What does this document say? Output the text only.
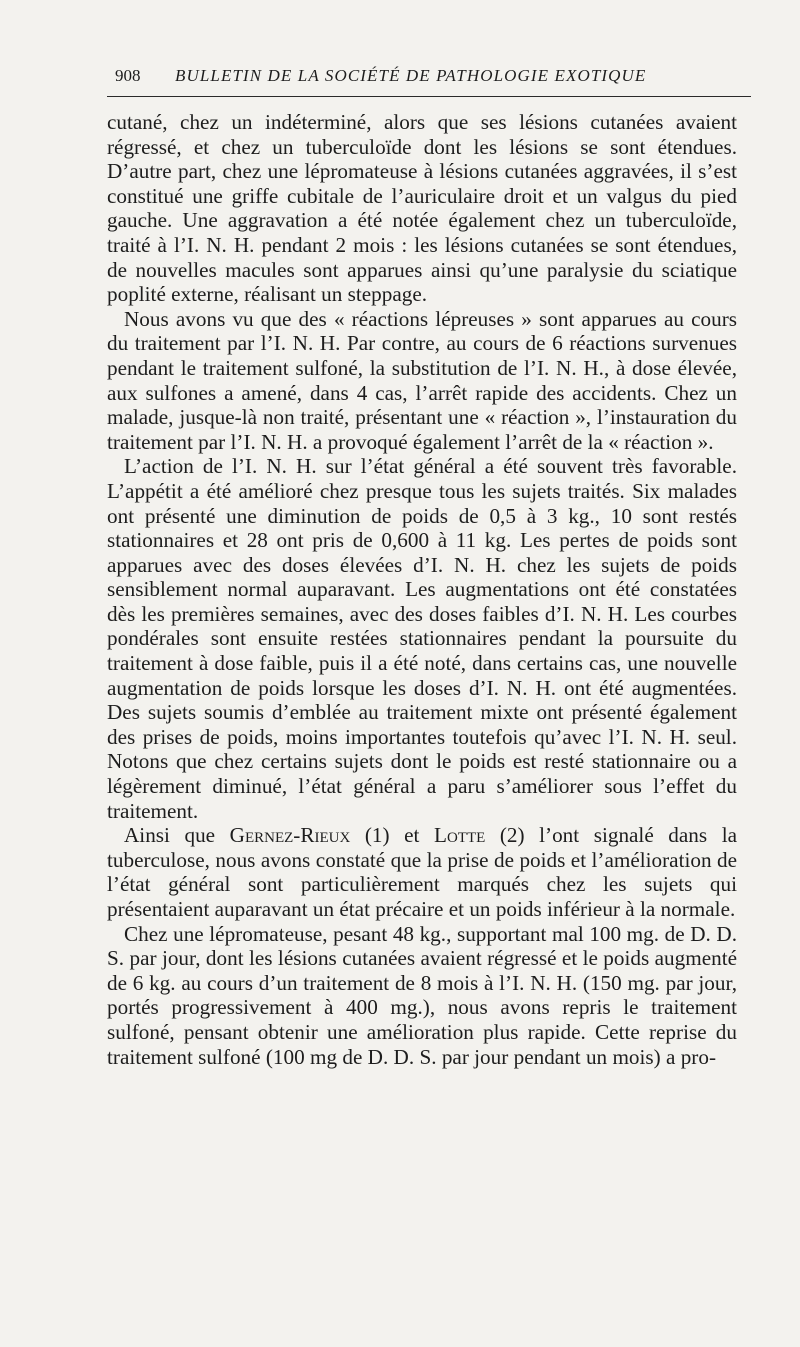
908	BULLETIN DE LA SOCIÉTÉ DE PATHOLOGIE EXOTIQUE

cutané, chez un indéterminé, alors que ses lésions cutanées avaient régressé, et chez un tuberculoïde dont les lésions se sont étendues. D’autre part, chez une lépromateuse à lésions cutanées aggravées, il s’est constitué une griffe cubitale de l’auriculaire droit et un valgus du pied gauche. Une aggravation a été notée également chez un tuberculoïde, traité à l’I. N. H. pendant 2 mois : les lésions cutanées se sont étendues, de nouvelles macules sont apparues ainsi qu’une paralysie du sciatique poplité externe, réalisant un steppage.

Nous avons vu que des « réactions lépreuses » sont apparues au cours du traitement par l’I. N. H. Par contre, au cours de 6 réactions survenues pendant le traitement sulfoné, la substitution de l’I. N. H., à dose élevée, aux sulfones a amené, dans 4 cas, l’arrêt rapide des accidents. Chez un malade, jusque-là non traité, présentant une « réaction », l’instauration du traitement par l’I. N. H. a provoqué également l’arrêt de la « réaction ».

L’action de l’I. N. H. sur l’état général a été souvent très favorable. L’appétit a été amélioré chez presque tous les sujets traités. Six malades ont présenté une diminution de poids de 0,5 à 3 kg., 10 sont restés stationnaires et 28 ont pris de 0,600 à 11 kg. Les pertes de poids sont apparues avec des doses élevées d’I. N. H. chez les sujets de poids sensiblement normal auparavant. Les augmentations ont été constatées dès les premières semaines, avec des doses faibles d’I. N. H. Les courbes pondérales sont ensuite restées stationnaires pendant la poursuite du traitement à dose faible, puis il a été noté, dans certains cas, une nouvelle augmentation de poids lorsque les doses d’I. N. H. ont été augmentées. Des sujets soumis d’emblée au traitement mixte ont présenté également des prises de poids, moins importantes toutefois qu’avec l’I. N. H. seul. Notons que chez certains sujets dont le poids est resté stationnaire ou a légèrement diminué, l’état général a paru s’améliorer sous l’effet du traitement.

Ainsi que Gernez-Rieux (1) et Lotte (2) l’ont signalé dans la tuberculose, nous avons constaté que la prise de poids et l’amélioration de l’état général sont particulièrement marqués chez les sujets qui présentaient auparavant un état précaire et un poids inférieur à la normale.

Chez une lépromateuse, pesant 48 kg., supportant mal 100 mg. de D. D. S. par jour, dont les lésions cutanées avaient régressé et le poids augmenté de 6 kg. au cours d’un traitement de 8 mois à l’I. N. H. (150 mg. par jour, portés progressivement à 400 mg.), nous avons repris le traitement sulfoné, pensant obtenir une amélioration plus rapide. Cette reprise du traitement sulfoné (100 mg de D. D. S. par jour pendant un mois) a pro-
